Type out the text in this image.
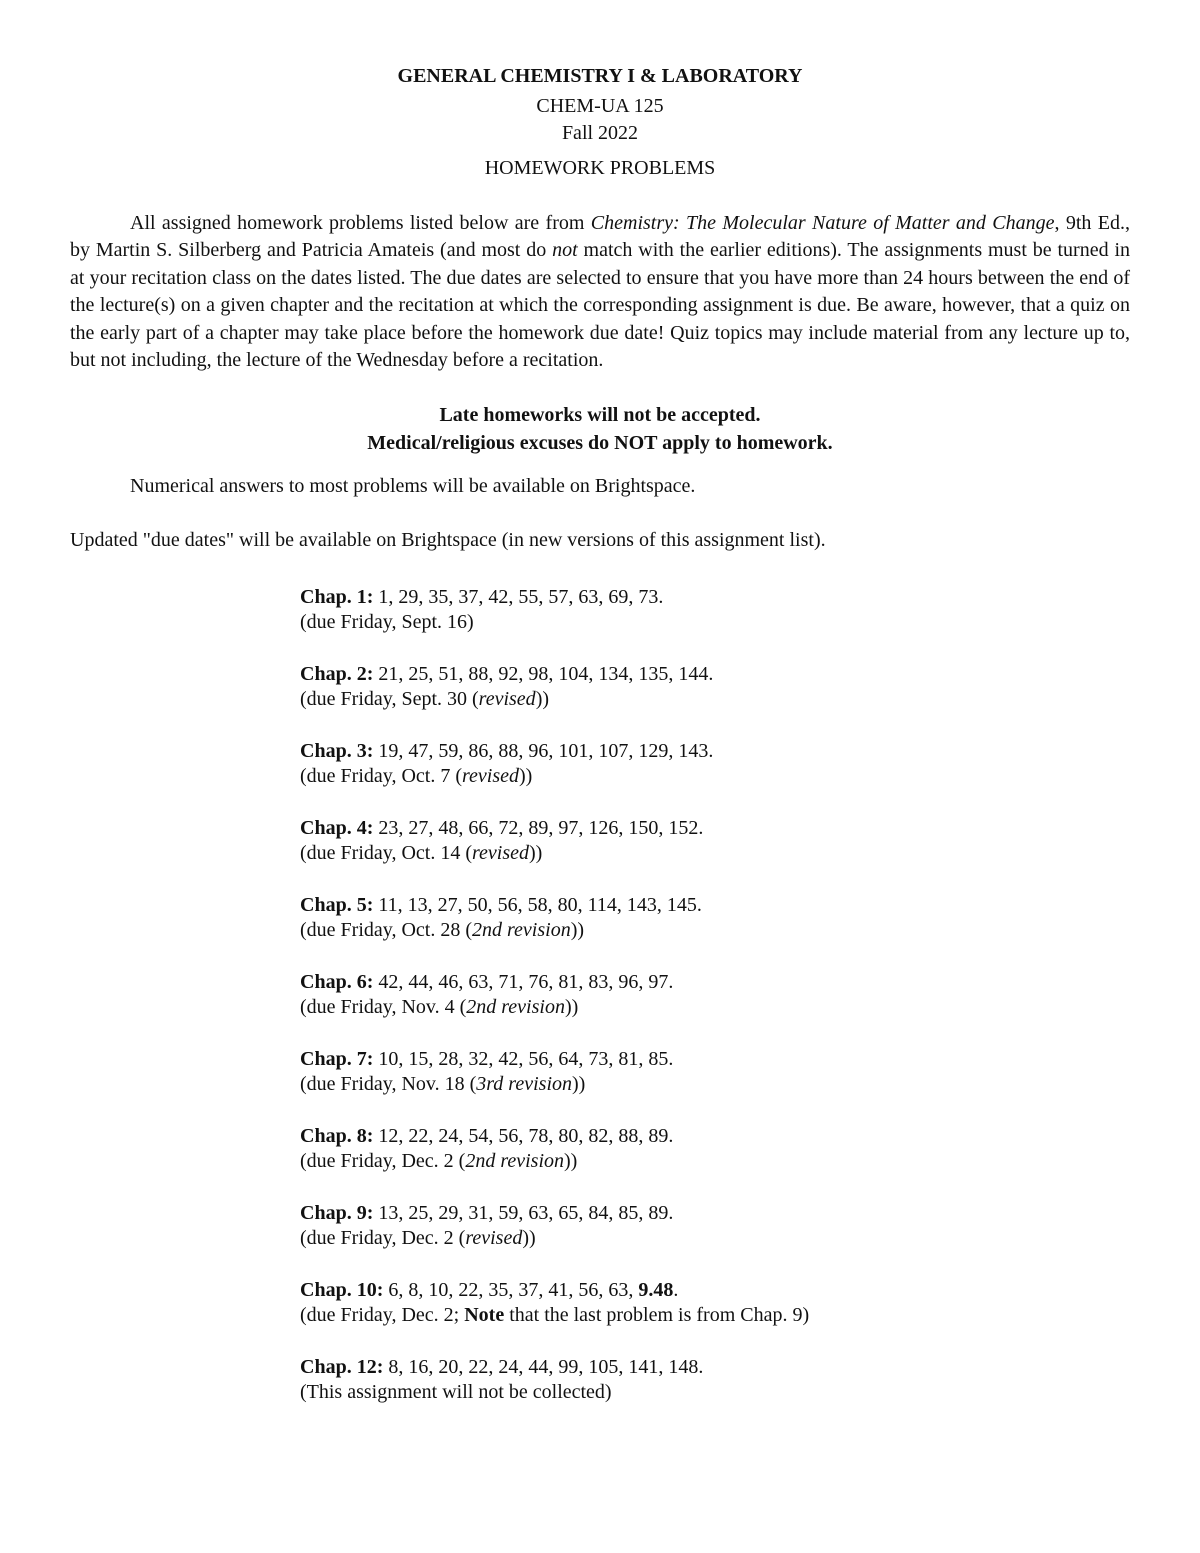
GENERAL CHEMISTRY I & LABORATORY
CHEM-UA 125
Fall 2022
HOMEWORK PROBLEMS

All assigned homework problems listed below are from Chemistry: The Molecular Nature of Matter and Change, 9th Ed., by Martin S. Silberberg and Patricia Amateis (and most do not match with the earlier editions). The assignments must be turned in at your recitation class on the dates listed. The due dates are selected to ensure that you have more than 24 hours between the end of the lecture(s) on a given chapter and the recitation at which the corresponding assignment is due. Be aware, however, that a quiz on the early part of a chapter may take place before the homework due date! Quiz topics may include material from any lecture up to, but not including, the lecture of the Wednesday before a recitation.

Late homeworks will not be accepted.
Medical/religious excuses do NOT apply to homework.
Numerical answers to most problems will be available on Brightspace.
Updated "due dates" will be available on Brightspace (in new versions of this assignment list).
Chap. 1: 1, 29, 35, 37, 42, 55, 57, 63, 69, 73.
(due Friday, Sept. 16)
Chap. 2: 21, 25, 51, 88, 92, 98, 104, 134, 135, 144.
(due Friday, Sept. 30 (revised))
Chap. 3: 19, 47, 59, 86, 88, 96, 101, 107, 129, 143.
(due Friday, Oct. 7 (revised))
Chap. 4: 23, 27, 48, 66, 72, 89, 97, 126, 150, 152.
(due Friday, Oct. 14 (revised))
Chap. 5: 11, 13, 27, 50, 56, 58, 80, 114, 143, 145.
(due Friday, Oct. 28 (2nd revision))
Chap. 6: 42, 44, 46, 63, 71, 76, 81, 83, 96, 97.
(due Friday, Nov. 4 (2nd revision))
Chap. 7: 10, 15, 28, 32, 42, 56, 64, 73, 81, 85.
(due Friday, Nov. 18 (3rd revision))
Chap. 8: 12, 22, 24, 54, 56, 78, 80, 82, 88, 89.
(due Friday, Dec. 2 (2nd revision))
Chap. 9: 13, 25, 29, 31, 59, 63, 65, 84, 85, 89.
(due Friday, Dec. 2 (revised))
Chap. 10: 6, 8, 10, 22, 35, 37, 41, 56, 63, 9.48.
(due Friday, Dec. 2; Note that the last problem is from Chap. 9)
Chap. 12: 8, 16, 20, 22, 24, 44, 99, 105, 141, 148.
(This assignment will not be collected)
